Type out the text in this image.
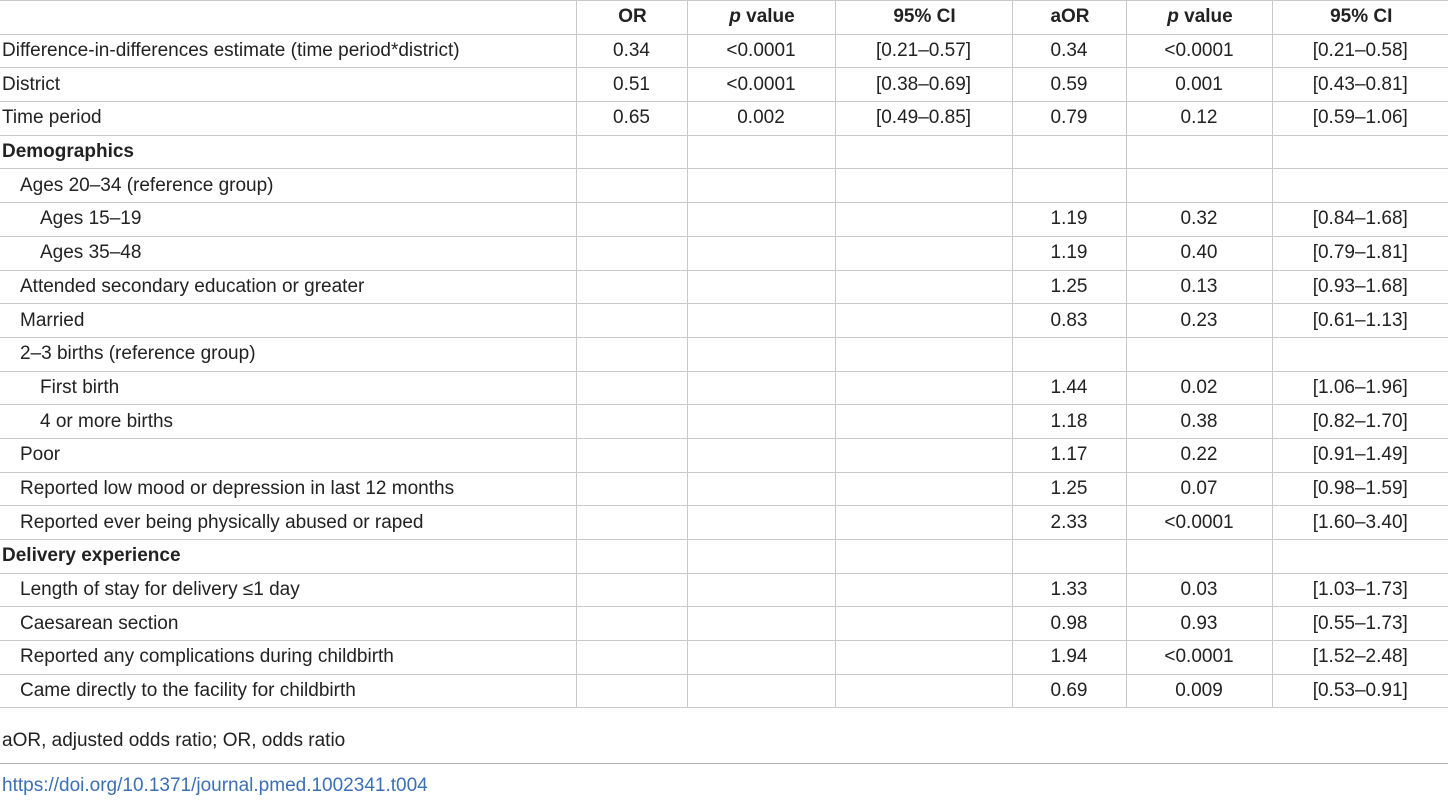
	OR	p value	95% CI	aOR	p value	95% CI
Difference-in-differences estimate (time period*district)	0.34	<0.0001	[0.21–0.57]	0.34	<0.0001	[0.21–0.58]
District	0.51	<0.0001	[0.38–0.69]	0.59	0.001	[0.43–0.81]
Time period	0.65	0.002	[0.49–0.85]	0.79	0.12	[0.59–1.06]
Demographics						
Ages 20–34 (reference group)						
Ages 15–19				1.19	0.32	[0.84–1.68]
Ages 35–48				1.19	0.40	[0.79–1.81]
Attended secondary education or greater				1.25	0.13	[0.93–1.68]
Married				0.83	0.23	[0.61–1.13]
2–3 births (reference group)						
First birth				1.44	0.02	[1.06–1.96]
4 or more births				1.18	0.38	[0.82–1.70]
Poor				1.17	0.22	[0.91–1.49]
Reported low mood or depression in last 12 months				1.25	0.07	[0.98–1.59]
Reported ever being physically abused or raped				2.33	<0.0001	[1.60–3.40]
Delivery experience						
Length of stay for delivery ≤1 day				1.33	0.03	[1.03–1.73]
Caesarean section				0.98	0.93	[0.55–1.73]
Reported any complications during childbirth				1.94	<0.0001	[1.52–2.48]
Came directly to the facility for childbirth				0.69	0.009	[0.53–0.91]
aOR, adjusted odds ratio; OR, odds ratio
https://doi.org/10.1371/journal.pmed.1002341.t004
